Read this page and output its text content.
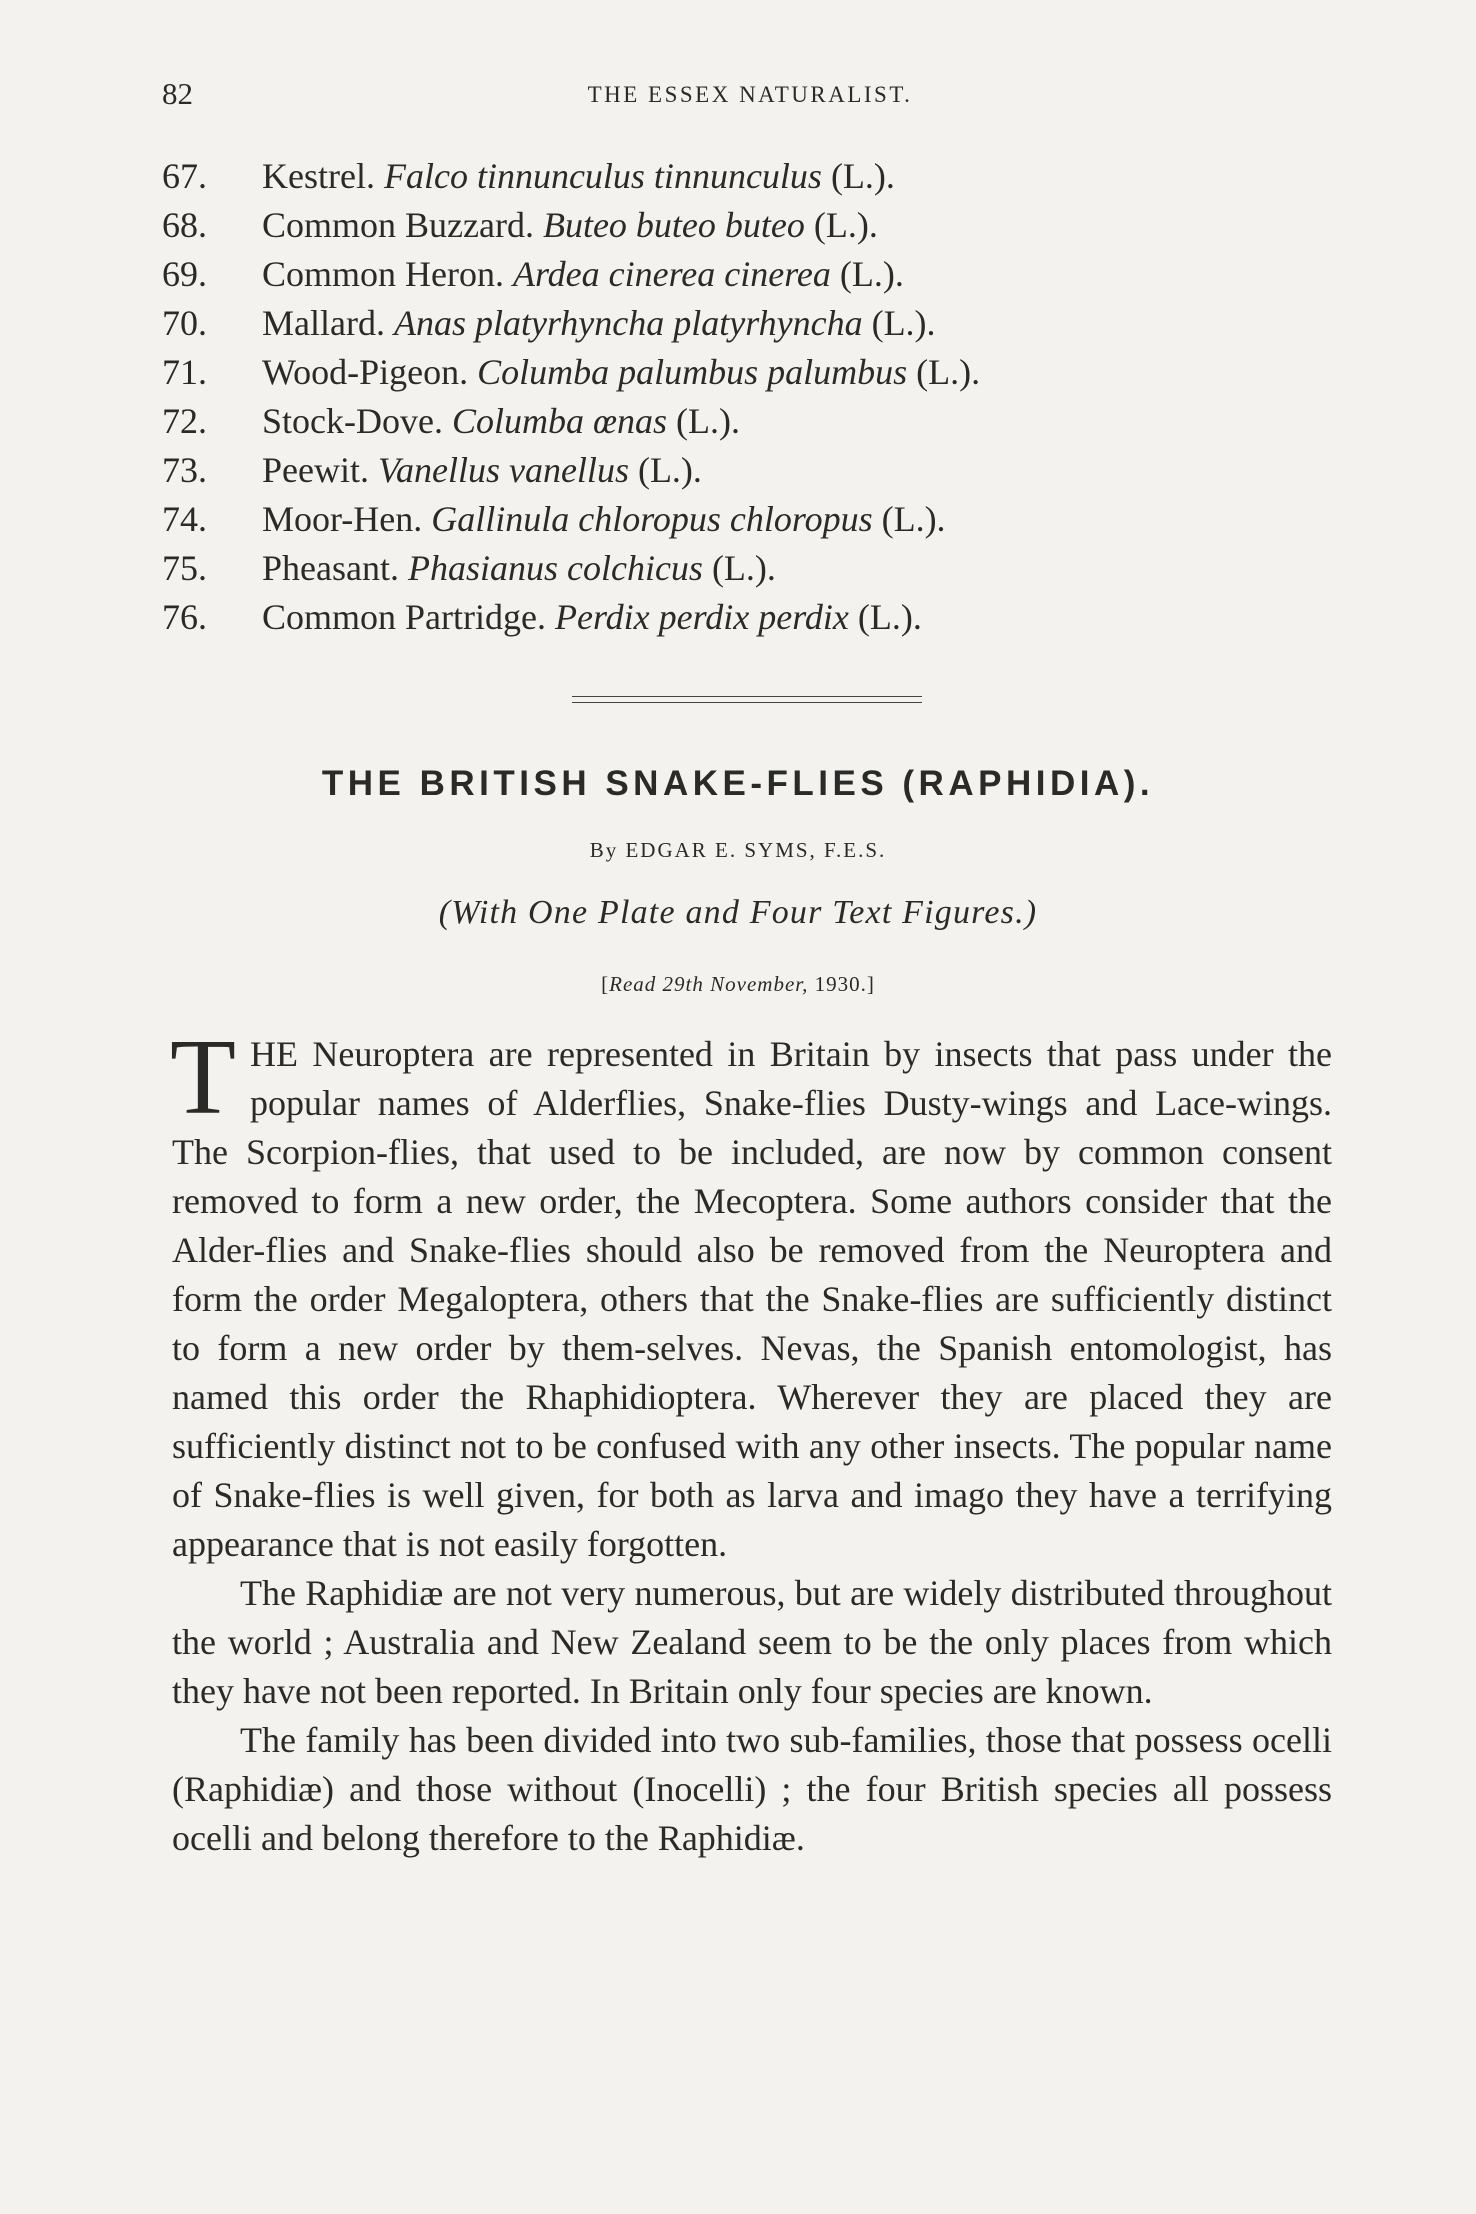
82	THE ESSEX NATURALIST.
67. Kestrel. Falco tinnunculus tinnunculus (L.).
68. Common Buzzard. Buteo buteo buteo (L.).
69. Common Heron. Ardea cinerea cinerea (L.).
70. Mallard. Anas platyrhyncha platyrhyncha (L.).
71. Wood-Pigeon. Columba palumbus palumbus (L.).
72. Stock-Dove. Columba œnas (L.).
73. Peewit. Vanellus vanellus (L.).
74. Moor-Hen. Gallinula chloropus chloropus (L.).
75. Pheasant. Phasianus colchicus (L.).
76. Common Partridge. Perdix perdix perdix (L.).
THE BRITISH SNAKE-FLIES (RAPHIDIA).
By EDGAR E. SYMS, F.E.S.
(With One Plate and Four Text Figures.)
[Read 29th November, 1930.]

THE Neuroptera are represented in Britain by insects that pass under the popular names of Alderflies, Snake-flies Dusty-wings and Lace-wings. The Scorpion-flies, that used to be included, are now by common consent removed to form a new order, the Mecoptera. Some authors consider that the Alder-flies and Snake-flies should also be removed from the Neuroptera and form the order Megaloptera, others that the Snake-flies are sufficiently distinct to form a new order by them-selves. Nevas, the Spanish entomologist, has named this order the Rhaphidioptera. Wherever they are placed they are sufficiently distinct not to be confused with any other insects. The popular name of Snake-flies is well given, for both as larva and imago they have a terrifying appearance that is not easily forgotten.

The Raphidiæ are not very numerous, but are widely distributed throughout the world ; Australia and New Zealand seem to be the only places from which they have not been reported. In Britain only four species are known.

The family has been divided into two sub-families, those that possess ocelli (Raphidiæ) and those without (Inocelli) ; the four British species all possess ocelli and belong therefore to the Raphidiæ.
